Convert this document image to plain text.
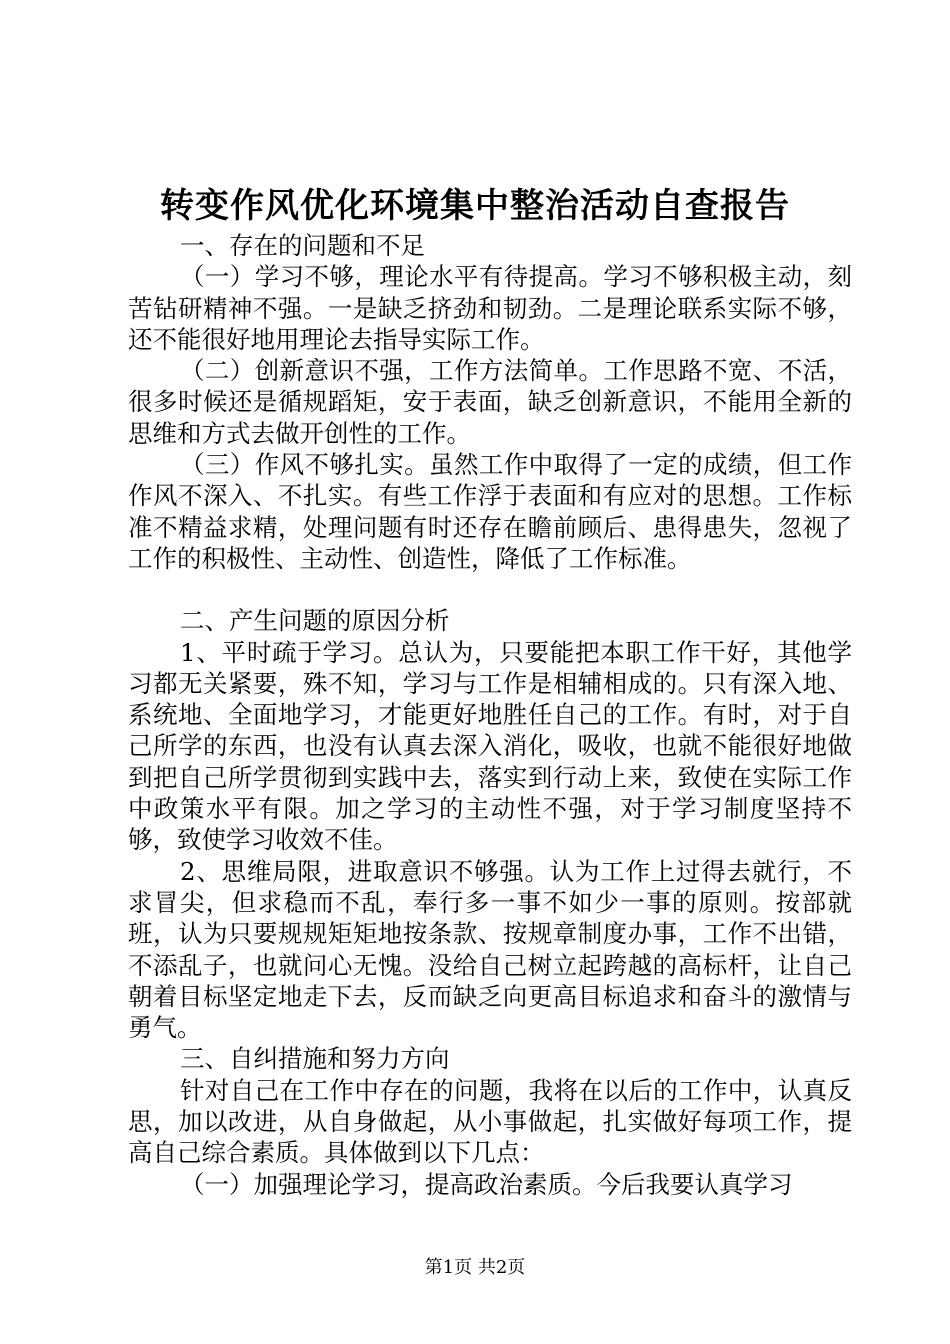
转变作风优化环境集中整治活动自查报告

一、存在的问题和不足

（一）学习不够，理论水平有待提高。学习不够积极主动，刻苦钻研精神不强。一是缺乏挤劲和韧劲。二是理论联系实际不够，还不能很好地用理论去指导实际工作。

（二）创新意识不强，工作方法简单。工作思路不宽、不活，很多时候还是循规蹈矩，安于表面，缺乏创新意识，不能用全新的思维和方式去做开创性的工作。

（三）作风不够扎实。虽然工作中取得了一定的成绩，但工作作风不深入、不扎实。有些工作浮于表面和有应对的思想。工作标准不精益求精，处理问题有时还存在瞻前顾后、患得患失，忽视了工作的积极性、主动性、创造性，降低了工作标准。

二、产生问题的原因分析

1、平时疏于学习。总认为，只要能把本职工作干好，其他学习都无关紧要，殊不知，学习与工作是相辅相成的。只有深入地、系统地、全面地学习，才能更好地胜任自己的工作。有时，对于自己所学的东西，也没有认真去深入消化，吸收，也就不能很好地做到把自己所学贯彻到实践中去，落实到行动上来，致使在实际工作中政策水平有限。加之学习的主动性不强，对于学习制度坚持不够，致使学习收效不佳。

2、思维局限，进取意识不够强。认为工作上过得去就行，不求冒尖，但求稳而不乱，奉行多一事不如少一事的原则。按部就班，认为只要规规矩矩地按条款、按规章制度办事，工作不出错，不添乱子，也就问心无愧。没给自己树立起跨越的高标杆，让自己朝着目标坚定地走下去，反而缺乏向更高目标追求和奋斗的激情与勇气。

三、自纠措施和努力方向

针对自己在工作中存在的问题，我将在以后的工作中，认真反思，加以改进，从自身做起，从小事做起，扎实做好每项工作，提高自己综合素质。具体做到以下几点：

（一）加强理论学习，提高政治素质。今后我要认真学习

第1页 共2页
